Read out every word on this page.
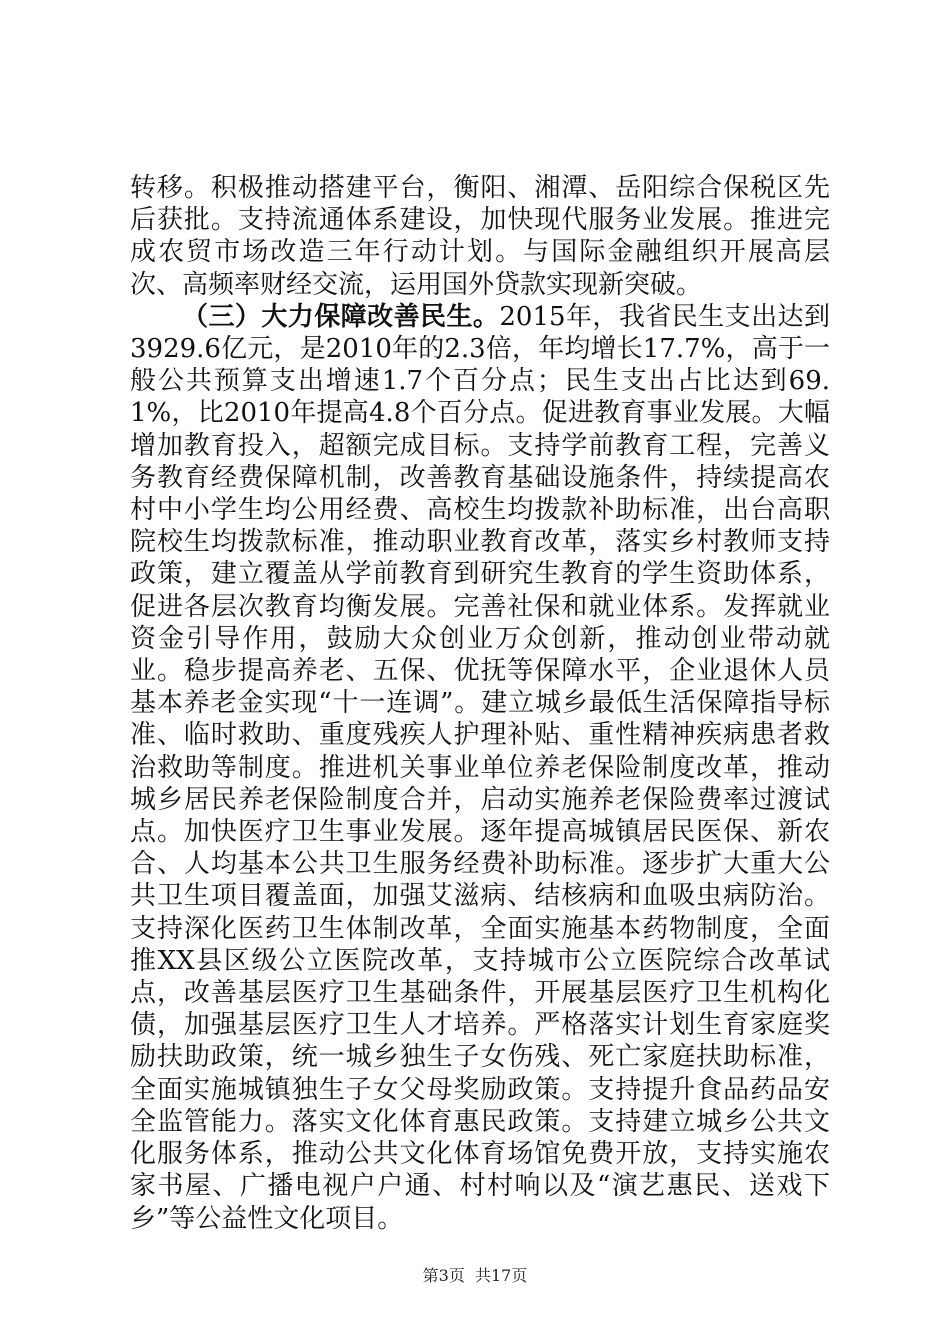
转移。积极推动搭建平台，衡阳、湘潭、岳阳综合保税区先后获批。支持流通体系建设，加快现代服务业发展。推进完成农贸市场改造三年行动计划。与国际金融组织开展高层次、高频率财经交流，运用国外贷款实现新突破。

（三）大力保障改善民生。2015年，我省民生支出达到3929.6亿元，是2010年的2.3倍，年均增长17.7%，高于一般公共预算支出增速1.7个百分点；民生支出占比达到69.1%，比2010年提高4.8个百分点。促进教育事业发展。大幅增加教育投入，超额完成目标。支持学前教育工程，完善义务教育经费保障机制，改善教育基础设施条件，持续提高农村中小学生均公用经费、高校生均拨款补助标准，出台高职院校生均拨款标准，推动职业教育改革，落实乡村教师支持政策，建立覆盖从学前教育到研究生教育的学生资助体系，促进各层次教育均衡发展。完善社保和就业体系。发挥就业资金引导作用，鼓励大众创业万众创新，推动创业带动就业。稳步提高养老、五保、优抚等保障水平，企业退休人员基本养老金实现“十一连调”。建立城乡最低生活保障指导标准、临时救助、重度残疾人护理补贴、重性精神疾病患者救治救助等制度。推进机关事业单位养老保险制度改革，推动城乡居民养老保险制度合并，启动实施养老保险费率过渡试点。加快医疗卫生事业发展。逐年提高城镇居民医保、新农合、人均基本公共卫生服务经费补助标准。逐步扩大重大公共卫生项目覆盖面，加强艾滋病、结核病和血吸虫病防治。支持深化医药卫生体制改革，全面实施基本药物制度，全面推XX县区级公立医院改革，支持城市公立医院综合改革试点，改善基层医疗卫生基础条件，开展基层医疗卫生机构化债，加强基层医疗卫生人才培养。严格落实计划生育家庭奖励扶助政策，统一城乡独生子女伤残、死亡家庭扶助标准，全面实施城镇独生子女父母奖励政策。支持提升食品药品安全监管能力。落实文化体育惠民政策。支持建立城乡公共文化服务体系，推动公共文化体育场馆免费开放，支持实施农家书屋、广播电视户户通、村村响以及“演艺惠民、送戏下乡”等公益性文化项目。

第3页  共17页
